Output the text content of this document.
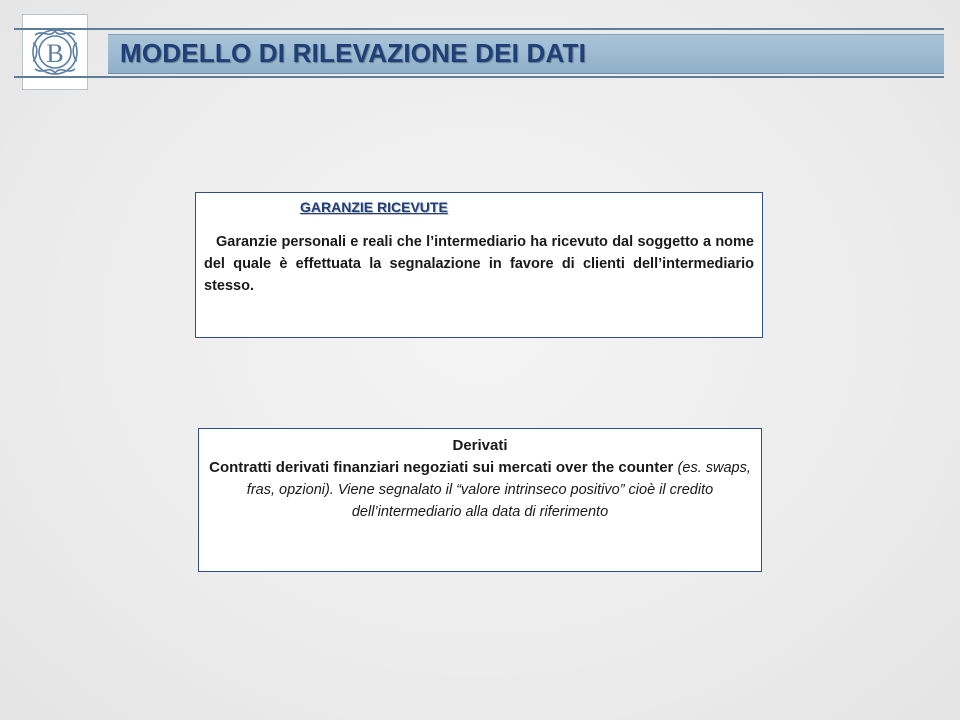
B MODELLO DI RILEVAZIONE DEI DATI
GARANZIE RICEVUTE
Garanzie personali e reali che l’intermediario ha ricevuto dal soggetto a nome del quale è effettuata la segnalazione in favore di clienti dell’intermediario stesso.
Derivati
Contratti derivati finanziari negoziati sui mercati over the counter (es. swaps, fras, opzioni). Viene segnalato il “valore intrinseco positivo” cioè il credito dell’intermediario alla data di riferimento
